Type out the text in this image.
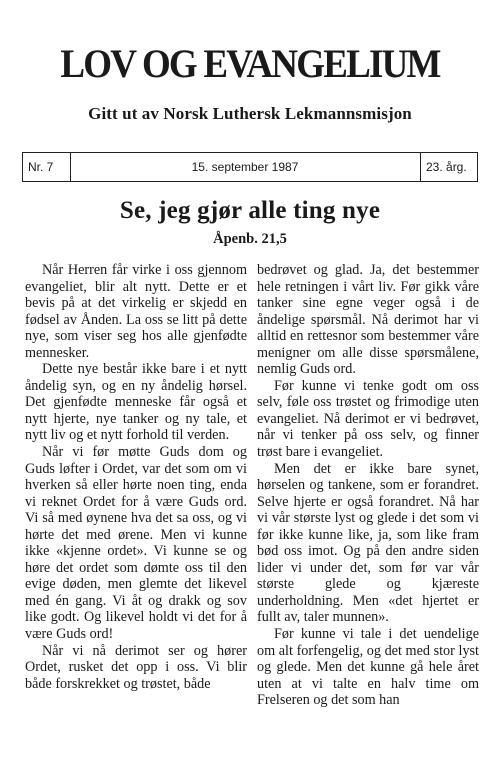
LOV OG EVANGELIUM
Gitt ut av Norsk Luthersk Lekmannsmisjon
Nr. 7	15. september 1987	23. årg.
Se, jeg gjør alle ting nye
Åpenb. 21,5

Når Herren får virke i oss gjennom evangeliet, blir alt nytt. Dette er et bevis på at det virkelig er skjedd en fødsel av Ånden. La oss se litt på dette nye, som viser seg hos alle gjenfødte mennesker.

Dette nye består ikke bare i et nytt åndelig syn, og en ny åndelig hørsel. Det gjenfødte menneske får også et nytt hjerte, nye tanker og ny tale, et nytt liv og et nytt forhold til verden.

Når vi før møtte Guds dom og Guds løfter i Ordet, var det som om vi hverken så eller hørte noen ting, enda vi reknet Ordet for å være Guds ord. Vi så med øynene hva det sa oss, og vi hørte det med ørene. Men vi kunne ikke «kjenne ordet». Vi kunne se og høre det ordet som dømte oss til den evige døden, men glemte det likevel med én gang. Vi åt og drakk og sov like godt. Og likevel holdt vi det for å være Guds ord!

Når vi nå derimot ser og hører Ordet, rusket det opp i oss. Vi blir både forskrekket og trøstet, både

bedrøvet og glad. Ja, det bestemmer hele retningen i vårt liv. Før gikk våre tanker sine egne veger også i de åndelige spørsmål. Nå derimot har vi alltid en rettesnor som bestemmer våre menigner om alle disse spørsmålene, nemlig Guds ord.

Før kunne vi tenke godt om oss selv, føle oss trøstet og frimodige uten evangeliet. Nå derimot er vi bedrøvet, når vi tenker på oss selv, og finner trøst bare i evangeliet.

Men det er ikke bare synet, hørselen og tankene, som er forandret. Selve hjerte er også forandret. Nå har vi vår største lyst og glede i det som vi før ikke kunne like, ja, som like fram bød oss imot. Og på den andre siden lider vi under det, som før var vår største glede og kjæreste underholdning. Men «det hjertet er fullt av, taler munnen».

Før kunne vi tale i det uendelige om alt forfengelig, og det med stor lyst og glede. Men det kunne gå hele året uten at vi talte en halv time om Frelseren og det som han
